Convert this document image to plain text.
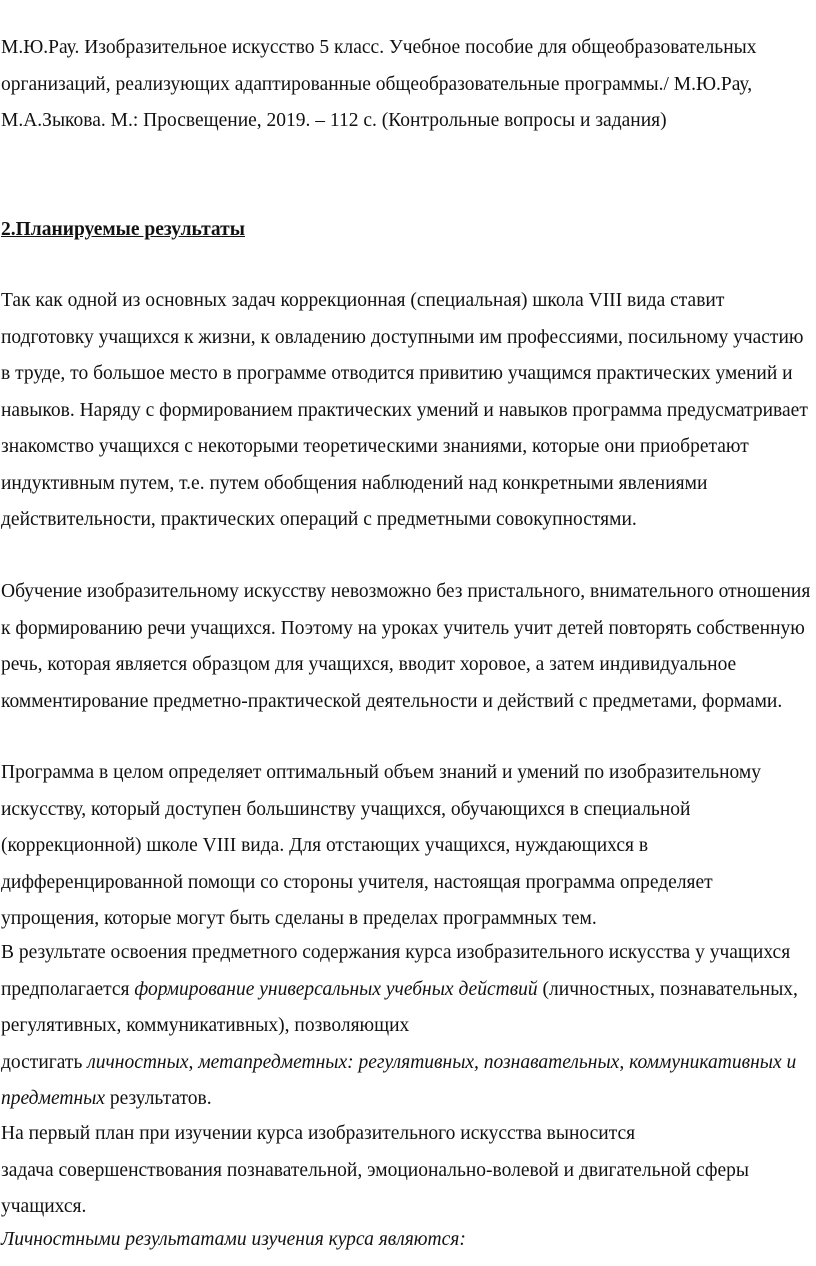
М.Ю.Рау. Изобразительное искусство 5 класс. Учебное пособие для общеобразовательных организаций, реализующих адаптированные общеобразовательные программы./ М.Ю.Рау, М.А.Зыкова. М.: Просвещение, 2019. – 112 с. (Контрольные вопросы и задания)

2.Планируемые результаты

Так как одной из основных задач коррекционная (специальная) школа VIII вида ставит подготовку учащихся к жизни, к овладению доступными им профессиями, посильному участию в труде, то большое место в программе отводится привитию учащимся практических умений и навыков. Наряду с формированием практических умений и навыков программа предусматривает знакомство учащихся с некоторыми теоретическими знаниями, которые они приобретают индуктивным путем, т.е. путем обобщения наблюдений над конкретными явлениями действительности, практических операций с предметными совокупностями.

Обучение изобразительному искусству невозможно без пристального, внимательного отношения к формированию речи учащихся. Поэтому на уроках учитель учит детей повторять собственную речь, которая является образцом для учащихся, вводит хоровое, а затем индивидуальное комментирование предметно-практической деятельности и действий с предметами, формами.

Программа в целом определяет оптимальный объем знаний и умений по изобразительному искусству, который доступен большинству учащихся, обучающихся в специальной (коррекционной) школе VIII вида. Для отстающих учащихся, нуждающихся в дифференцированной помощи со стороны учителя, настоящая программа определяет упрощения, которые могут быть сделаны в пределах программных тем.

В результате освоения предметного содержания курса изобразительного искусства у учащихся предполагается формирование универсальных учебных действий (личностных, познавательных, регулятивных, коммуникативных), позволяющих
достигать личностных, метапредметных: регулятивных, познавательных, коммуникативных и предметных результатов.

На первый план при изучении курса изобразительного искусства выносится
задача совершенствования познавательной, эмоционально-волевой и двигательной сферы учащихся.

Личностными результатами изучения курса являются:
